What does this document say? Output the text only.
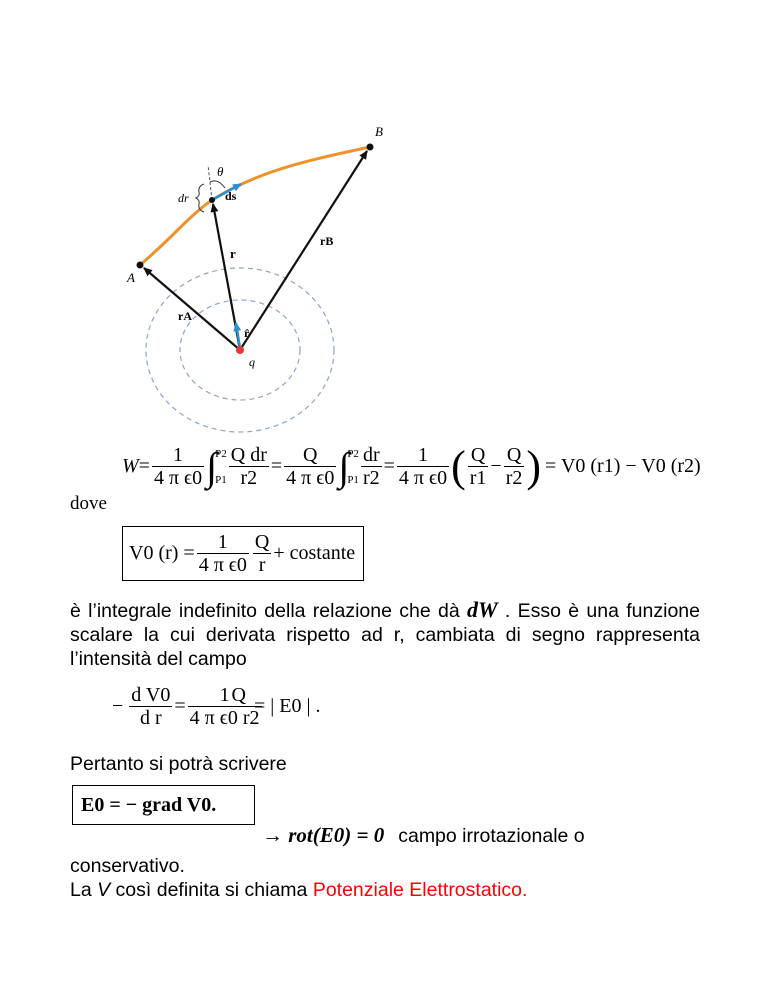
B
A
θ
dr	ds
r
rB
rA
r̂
q
$W = \frac{1}{\text{4 π ϵ0}}$ ∫
P2
$P1 \frac{\text{Q dr}}{r2} = \frac{Q}{\text{4 π ϵ0}}$ ∫
P2
$P1 \frac{dr}{r2} = \frac{1}{\text{4 π ϵ0}}$ ( $\frac{Q}{r1} - \frac{Q}{r2}$ ) = V0 (r1) − V0 (r2)
dove
V0 $(r) = \frac{1}{\text{4 π ϵ0}} \frac{Q}{r}$ + costante
è l’integrale indefinito della relazione che dà dW . Esso è una funzione scalare la cui derivata rispetto ad r, cambiata di segno rappresenta l’intensità del campo
− $\frac{\text{d V0}}{\text{d r}} = \frac{1}{\text{4 π ϵ0 r2}}$
Q = | E0 | .
Pertanto si potrà scrivere
E0 = − grad V0.
→ rot(E0) = 0 campo irrotazionale o
conservativo.
La V così definita si chiama Potenziale Elettrostatico.
